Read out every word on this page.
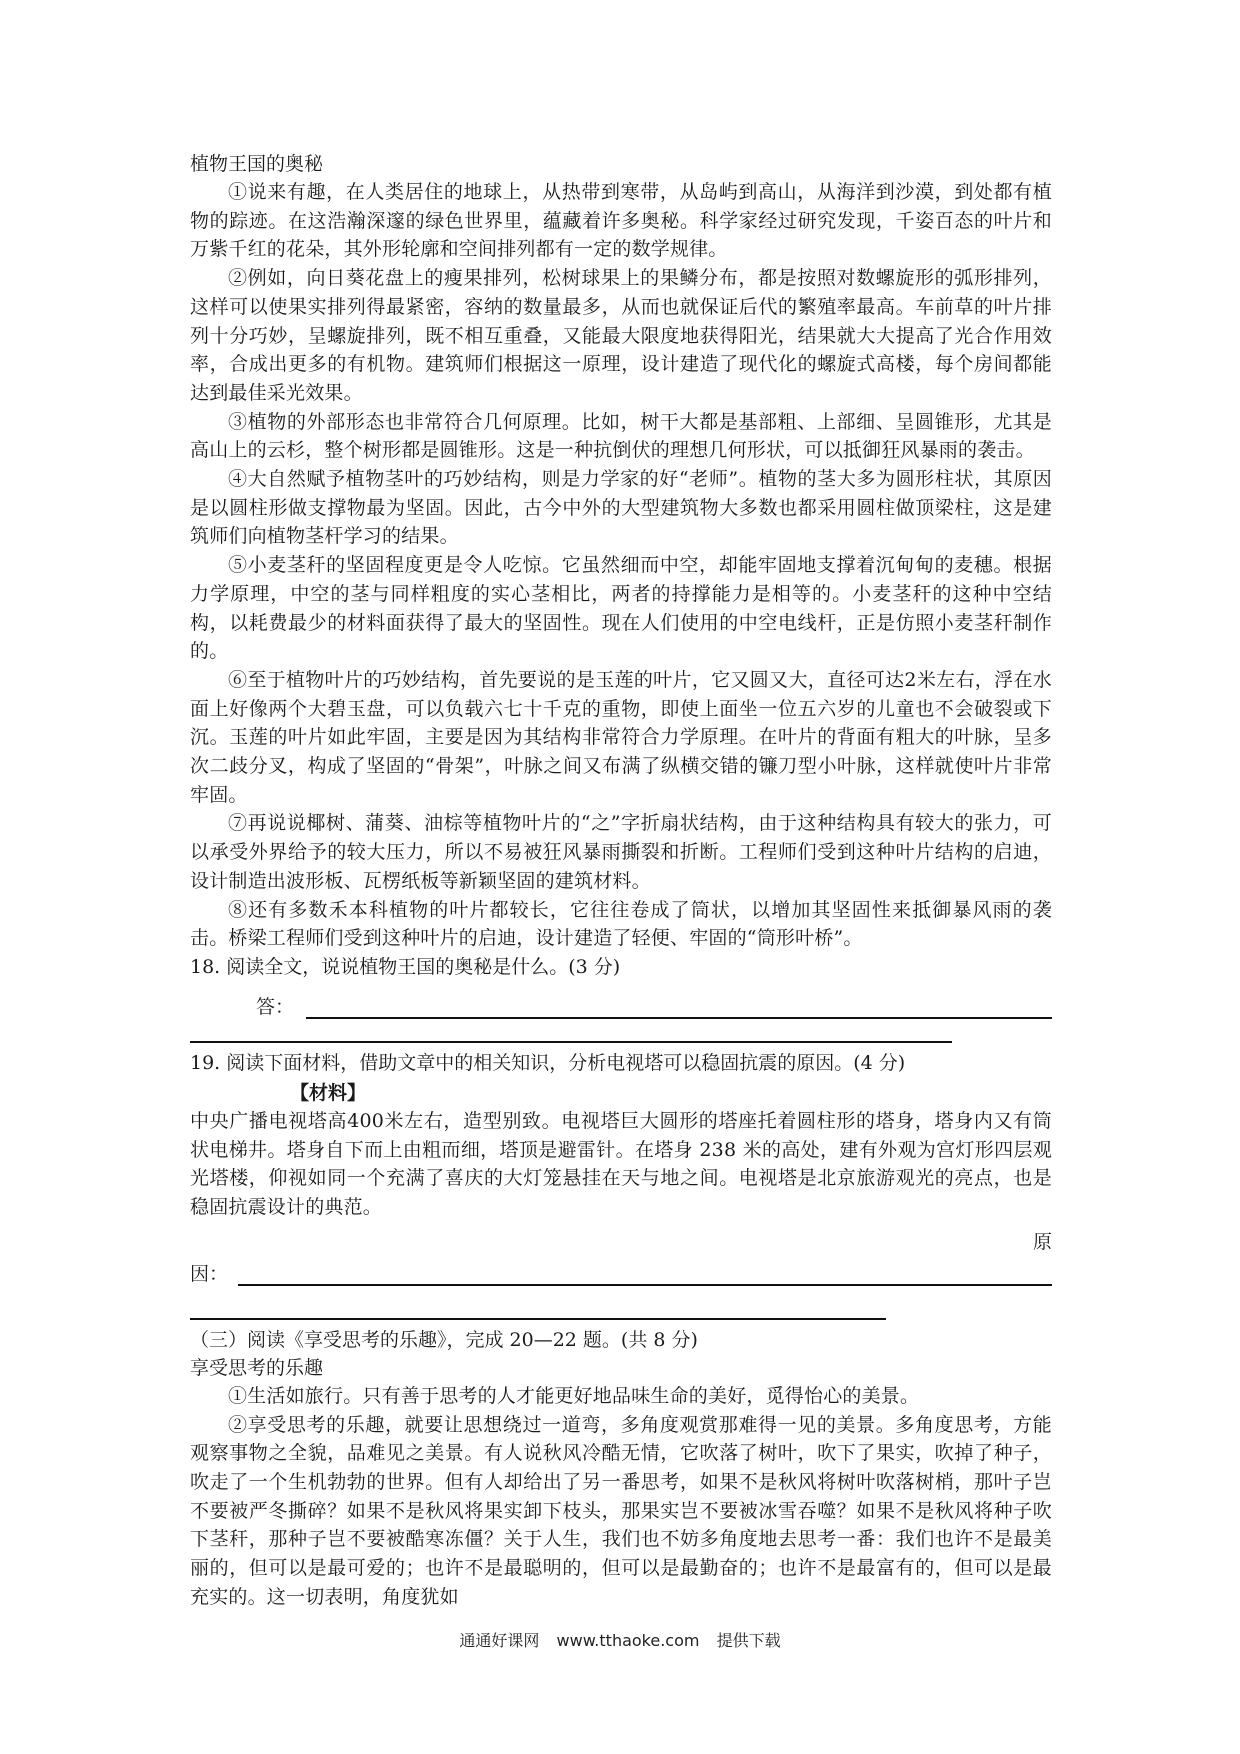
植物王国的奥秘

①说来有趣，在人类居住的地球上，从热带到寒带，从岛屿到高山，从海洋到沙漠，到处都有植物的踪迹。在这浩瀚深邃的绿色世界里，蕴藏着许多奥秘。科学家经过研究发现，千姿百态的叶片和万紫千红的花朵，其外形轮廓和空间排列都有一定的数学规律。

②例如，向日葵花盘上的瘦果排列，松树球果上的果鳞分布，都是按照对数螺旋形的弧形排列，这样可以使果实排列得最紧密，容纳的数量最多，从而也就保证后代的繁殖率最高。车前草的叶片排列十分巧妙，呈螺旋排列，既不相互重叠，又能最大限度地获得阳光，结果就大大提高了光合作用效率，合成出更多的有机物。建筑师们根据这一原理，设计建造了现代化的螺旋式高楼，每个房间都能达到最佳采光效果。

③植物的外部形态也非常符合几何原理。比如，树干大都是基部粗、上部细、呈圆锥形，尤其是高山上的云杉，整个树形都是圆锥形。这是一种抗倒伏的理想几何形状，可以抵御狂风暴雨的袭击。

④大自然赋予植物茎叶的巧妙结构，则是力学家的好“老师”。植物的茎大多为圆形柱状，其原因是以圆柱形做支撑物最为坚固。因此，古今中外的大型建筑物大多数也都采用圆柱做顶梁柱，这是建筑师们向植物茎杆学习的结果。

⑤小麦茎秆的坚固程度更是令人吃惊。它虽然细而中空，却能牢固地支撑着沉甸甸的麦穗。根据力学原理，中空的茎与同样粗度的实心茎相比，两者的持撑能力是相等的。小麦茎秆的这种中空结构，以耗费最少的材料面获得了最大的坚固性。现在人们使用的中空电线杆，正是仿照小麦茎秆制作的。

⑥至于植物叶片的巧妙结构，首先要说的是玉莲的叶片，它又圆又大，直径可达2米左右，浮在水面上好像两个大碧玉盘，可以负载六七十千克的重物，即使上面坐一位五六岁的儿童也不会破裂或下沉。玉莲的叶片如此牢固，主要是因为其结构非常符合力学原理。在叶片的背面有粗大的叶脉，呈多次二歧分叉，构成了坚固的“骨架”，叶脉之间又布满了纵横交错的镰刀型小叶脉，这样就使叶片非常牢固。

⑦再说说椰树、蒲葵、油棕等植物叶片的“之”字折扇状结构，由于这种结构具有较大的张力，可以承受外界给予的较大压力，所以不易被狂风暴雨撕裂和折断。工程师们受到这种叶片结构的启迪，设计制造出波形板、瓦楞纸板等新颖坚固的建筑材料。

⑧还有多数禾本科植物的叶片都较长，它往往卷成了筒状，以增加其坚固性来抵御暴风雨的袭击。桥梁工程师们受到这种叶片的启迪，设计建造了轻便、牢固的“筒形叶桥”。

18. 阅读全文，说说植物王国的奥秘是什么。(3 分)

答：

19. 阅读下面材料，借助文章中的相关知识，分析电视塔可以稳固抗震的原因。(4 分)

【材料】

中央广播电视塔高400米左右，造型别致。电视塔巨大圆形的塔座托着圆柱形的塔身，塔身内又有筒状电梯井。塔身自下而上由粗而细，塔顶是避雷针。在塔身 238 米的高处，建有外观为宫灯形四层观光塔楼，仰视如同一个充满了喜庆的大灯笼悬挂在天与地之间。电视塔是北京旅游观光的亮点，也是稳固抗震设计的典范。

原
因：

（三）阅读《享受思考的乐趣》，完成 20—22 题。(共 8 分)

享受思考的乐趣

①生活如旅行。只有善于思考的人才能更好地品味生命的美好，觅得怡心的美景。

②享受思考的乐趣，就要让思想绕过一道弯，多角度观赏那难得一见的美景。多角度思考，方能观察事物之全貌，品难见之美景。有人说秋风冷酷无情，它吹落了树叶，吹下了果实，吹掉了种子，吹走了一个生机勃勃的世界。但有人却给出了另一番思考，如果不是秋风将树叶吹落树梢，那叶子岂不要被严冬撕碎？如果不是秋风将果实卸下枝头，那果实岂不要被冰雪吞噬？如果不是秋风将种子吹下茎秆，那种子岂不要被酷寒冻僵？关于人生，我们也不妨多角度地去思考一番：我们也许不是最美丽的，但可以是最可爱的；也许不是最聪明的，但可以是最勤奋的；也许不是最富有的，但可以是最充实的。这一切表明，角度犹如

通通好课网 www.tthaoke.com 提供下载
